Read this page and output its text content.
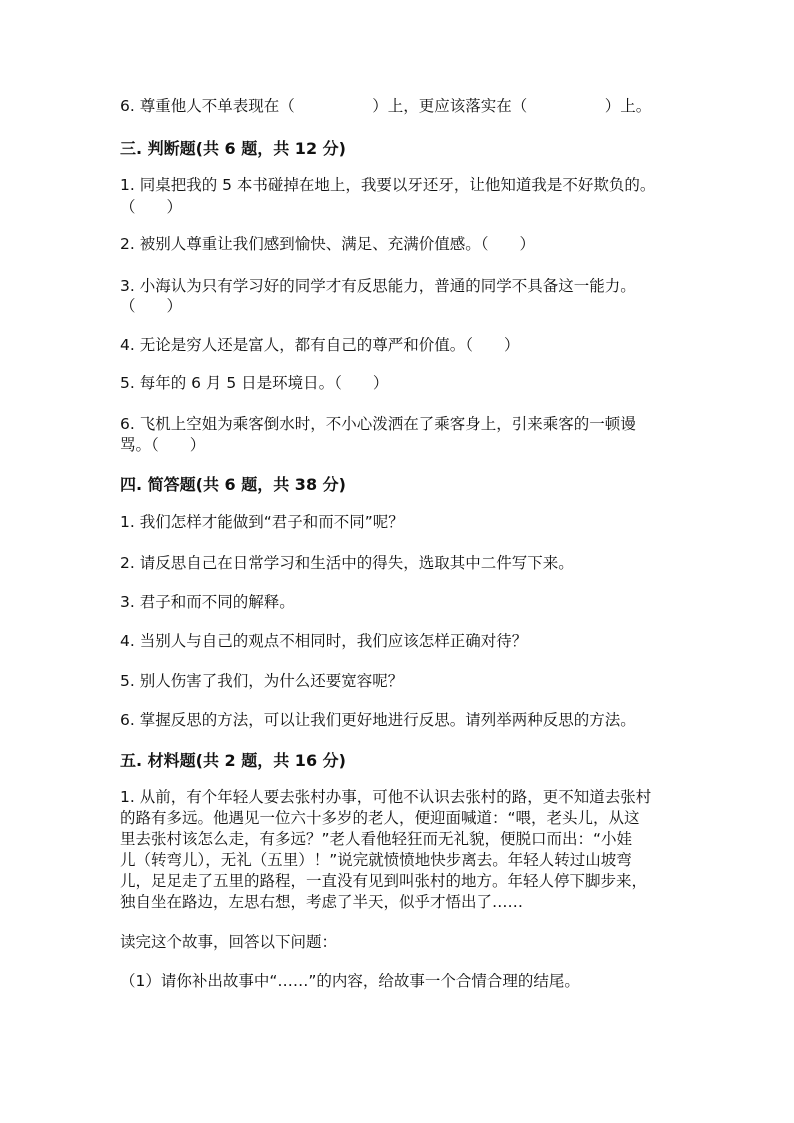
6. 尊重他人不单表现在（　　　　　）上，更应该落实在（　　　　　）上。
三. 判断题(共 6 题，共 12 分)
1. 同桌把我的 5 本书碰掉在地上，我要以牙还牙，让他知道我是不好欺负的。
（　　）
2. 被别人尊重让我们感到愉快、满足、充满价值感。（　　）
3. 小海认为只有学习好的同学才有反思能力，普通的同学不具备这一能力。
（　　）
4. 无论是穷人还是富人，都有自己的尊严和价值。（　　）
5. 每年的 6 月 5 日是环境日。（　　）
6. 飞机上空姐为乘客倒水时，不小心泼洒在了乘客身上，引来乘客的一顿谩
骂。（　　）
四. 简答题(共 6 题，共 38 分)
1. 我们怎样才能做到“君子和而不同”呢？
2. 请反思自己在日常学习和生活中的得失，选取其中二件写下来。
3. 君子和而不同的解释。
4. 当别人与自己的观点不相同时，我们应该怎样正确对待？
5. 别人伤害了我们，为什么还要宽容呢？
6. 掌握反思的方法，可以让我们更好地进行反思。请列举两种反思的方法。
五. 材料题(共 2 题，共 16 分)
1. 从前，有个年轻人要去张村办事，可他不认识去张村的路，更不知道去张村
的路有多远。他遇见一位六十多岁的老人，便迎面喊道：“喂，老头儿，从这
里去张村该怎么走，有多远？”老人看他轻狂而无礼貌，便脱口而出：“小娃
儿（转弯儿），无礼（五里）！”说完就愤愤地快步离去。年轻人转过山坡弯
儿，足足走了五里的路程，一直没有见到叫张村的地方。年轻人停下脚步来，
独自坐在路边，左思右想，考虑了半天，似乎才悟出了……
读完这个故事，回答以下问题：
（1）请你补出故事中“……”的内容，给故事一个合情合理的结尾。
